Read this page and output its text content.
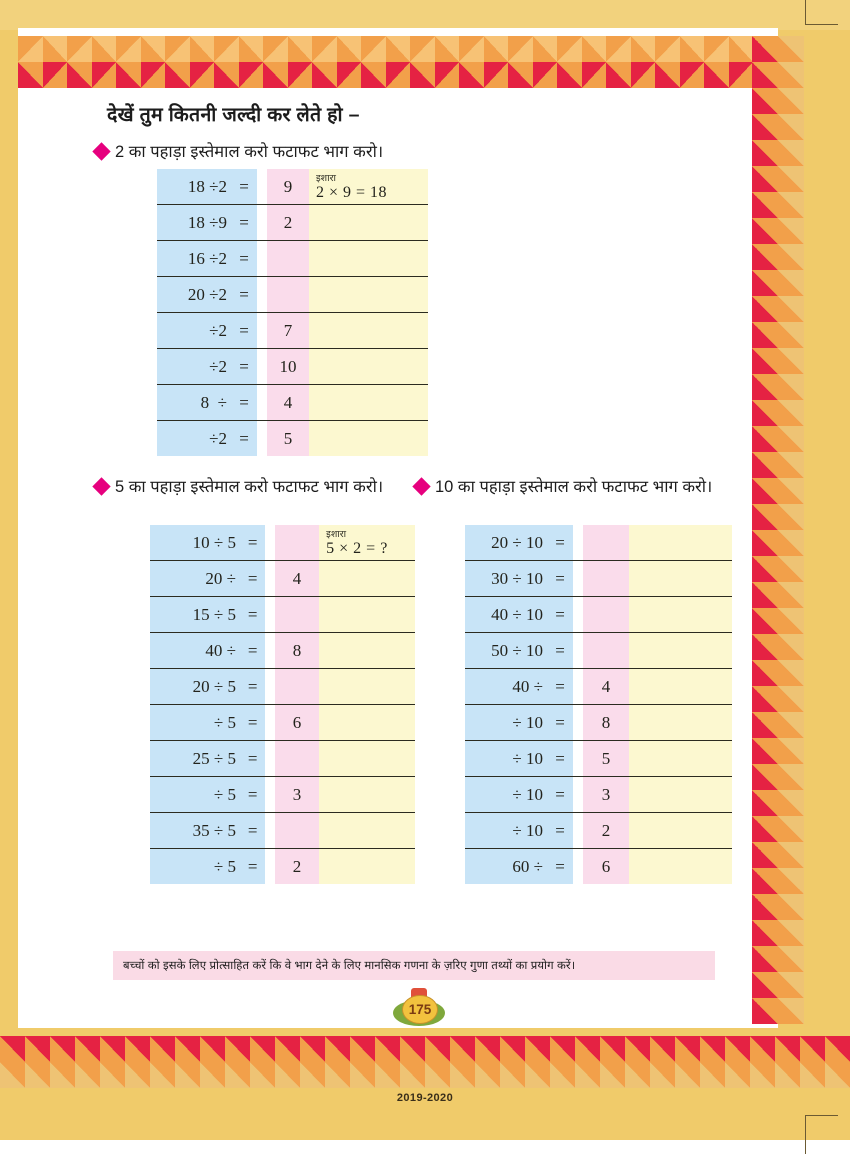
देखें तुम कितनी जल्दी कर लेते हो –
2 का पहाड़ा इस्तेमाल करो फटाफट भाग करो।
18 ÷2	=		9	इशारा
2 × 9 = 18

18 ÷9	=		2	

16 ÷2	=			

20 ÷2	=			

÷2	=		7	

÷2	=		10	

8  ÷	=		4	

÷2	=		5	
5 का पहाड़ा इस्तेमाल करो फटाफट भाग करो।
10 ÷ 5	=			इशारा
5 × 2 = ?

20 ÷	=		4	

15 ÷ 5	=			

40 ÷	=		8	

20 ÷ 5	=			

÷ 5	=		6	

25 ÷ 5	=			

÷ 5	=		3	

35 ÷ 5	=			

÷ 5	=		2	
10 का पहाड़ा इस्तेमाल करो फटाफट भाग करो।
20 ÷ 10	=			

30 ÷ 10	=			

40 ÷ 10	=			

50 ÷ 10	=			

40 ÷	=		4	

÷ 10	=		8	

÷ 10	=		5	

÷ 10	=		3	

÷ 10	=		2	

60 ÷	=		6	
बच्चों को इसके लिए प्रोत्साहित करें कि वे भाग देने के लिए मानसिक गणना के ज़रिए गुणा तथ्यों का प्रयोग करें।
175
2019-2020
